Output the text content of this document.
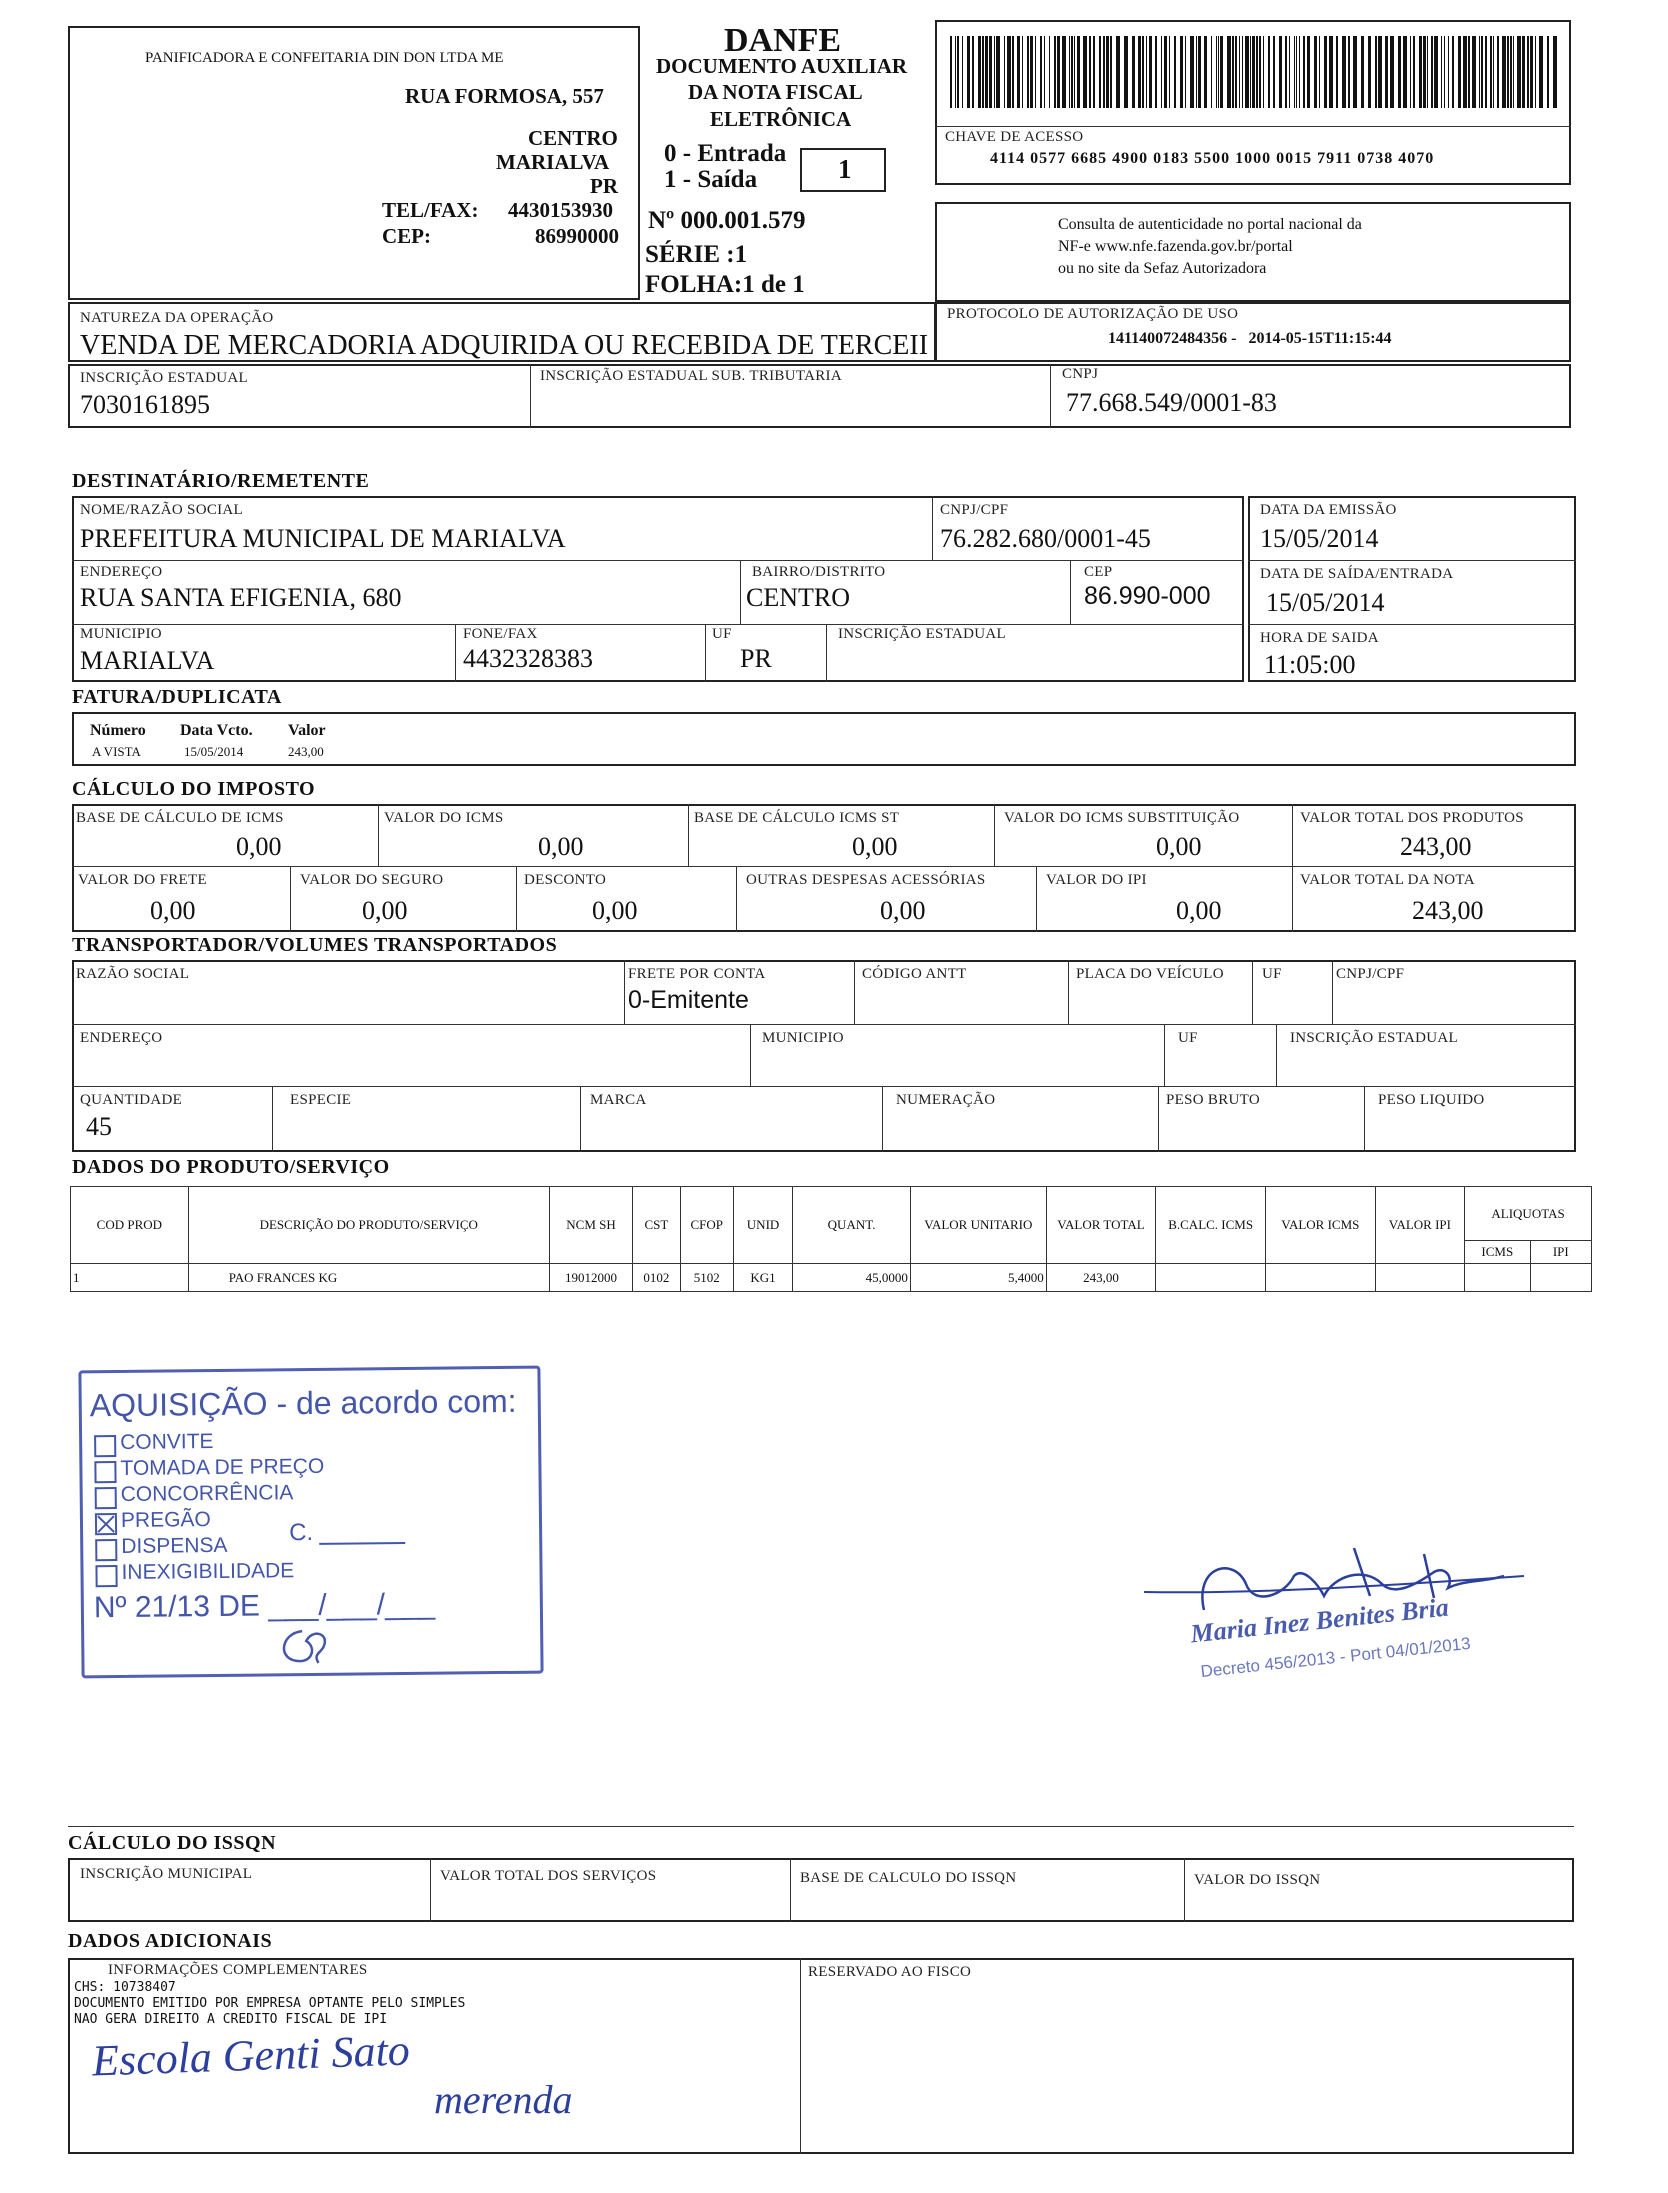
PANIFICADORA E CONFEITARIA DIN DON LTDA ME
RUA FORMOSA, 557
CENTRO
MARIALVA
PR
TEL/FAX: 4430153930
CEP:	86990000
DANFE
DOCUMENTO AUXILIAR
DA NOTA FISCAL
ELETRÔNICA
0 - Entrada
1 - Saída	1
Nº 000.001.579
SÉRIE :1
FOLHA:1 de 1
CHAVE DE ACESSO
4114 0577 6685 4900 0183 5500 1000 0015 7911 0738 4070
Consulta de autenticidade no portal nacional da
NF-e www.nfe.fazenda.gov.br/portal
ou no site da Sefaz Autorizadora
NATUREZA DA OPERAÇÃO
VENDA DE MERCADORIA ADQUIRIDA OU RECEBIDA DE TERCEII
PROTOCOLO DE AUTORIZAÇÃO DE USO
141140072484356 -   2014-05-15T11:15:44
INSCRIÇÃO ESTADUAL
7030161895
INSCRIÇÃO ESTADUAL SUB. TRIBUTARIA	CNPJ
77.668.549/0001-83
DESTINATÁRIO/REMETENTE
NOME/RAZÃO SOCIAL
PREFEITURA MUNICIPAL DE MARIALVA
CNPJ/CPF
76.282.680/0001-45
DATA DA EMISSÃO
15/05/2014
ENDEREÇO
RUA SANTA EFIGENIA, 680
BAIRRO/DISTRITO
CENTRO
CEP
86.990-000
DATA DE SAÍDA/ENTRADA
15/05/2014
MUNICIPIO
MARIALVA
FONE/FAX
4432328383
UF
PR
INSCRIÇÃO ESTADUAL	HORA DE SAIDA
11:05:00
FATURA/DUPLICATA
Número Data Vcto. Valor
A VISTA	15/05/2014	243,00
CÁLCULO DO IMPOSTO
BASE DE CÁLCULO DE ICMS
0,00
VALOR DO ICMS
0,00
BASE DE CÁLCULO ICMS ST
0,00
VALOR DO ICMS SUBSTITUIÇÃO
0,00
VALOR TOTAL DOS PRODUTOS
243,00
VALOR DO FRETE
0,00
VALOR DO SEGURO
0,00
DESCONTO
0,00
OUTRAS DESPESAS ACESSÓRIAS
0,00
VALOR DO IPI
0,00
VALOR TOTAL DA NOTA
243,00
TRANSPORTADOR/VOLUMES TRANSPORTADOS
RAZÃO SOCIAL	FRETE POR CONTA
0-Emitente
CÓDIGO ANTT	PLACA DO VEÍCULO	UF	CNPJ/CPF
ENDEREÇO	MUNICIPIO	UF	INSCRIÇÃO ESTADUAL
QUANTIDADE
45
ESPECIE	MARCA	NUMERAÇÃO	PESO BRUTO	PESO LIQUIDO
DADOS DO PRODUTO/SERVIÇO
COD PROD	DESCRIÇÃO DO PRODUTO/SERVIÇO	NCM SH	CST	CFOP	UNID	QUANT.	VALOR UNITARIO	VALOR TOTAL	B.CALC. ICMS	VALOR ICMS	VALOR IPI	ALIQUOTAS	
												ICMS	IPI
1	PAO FRANCES KG	19012000	0102	5102	KG1	45,0000	5,4000	243,00					
AQUISIÇÃO - de acordo com:
CONVITE
TOMADA DE PREÇO
CONCORRÊNCIA
PREGÃO	C.
DISPENSA
INEXIGIBILIDADE
Nº 21/13 DE ___/___/___	Maria Inez Benites Bria
Decreto 456/2013 - Port 04/01/2013
CÁLCULO DO ISSQN
INSCRIÇÃO MUNICIPAL	VALOR TOTAL DOS SERVIÇOS	BASE DE CALCULO DO ISSQN	VALOR DO ISSQN
DADOS ADICIONAIS
INFORMAÇÕES COMPLEMENTARES
CHS: 10738407
DOCUMENTO EMITIDO POR EMPRESA OPTANTE PELO SIMPLES
NAO GERA DIREITO A CREDITO FISCAL DE IPI
RESERVADO AO FISCO
Escola Genti Sato
merenda
